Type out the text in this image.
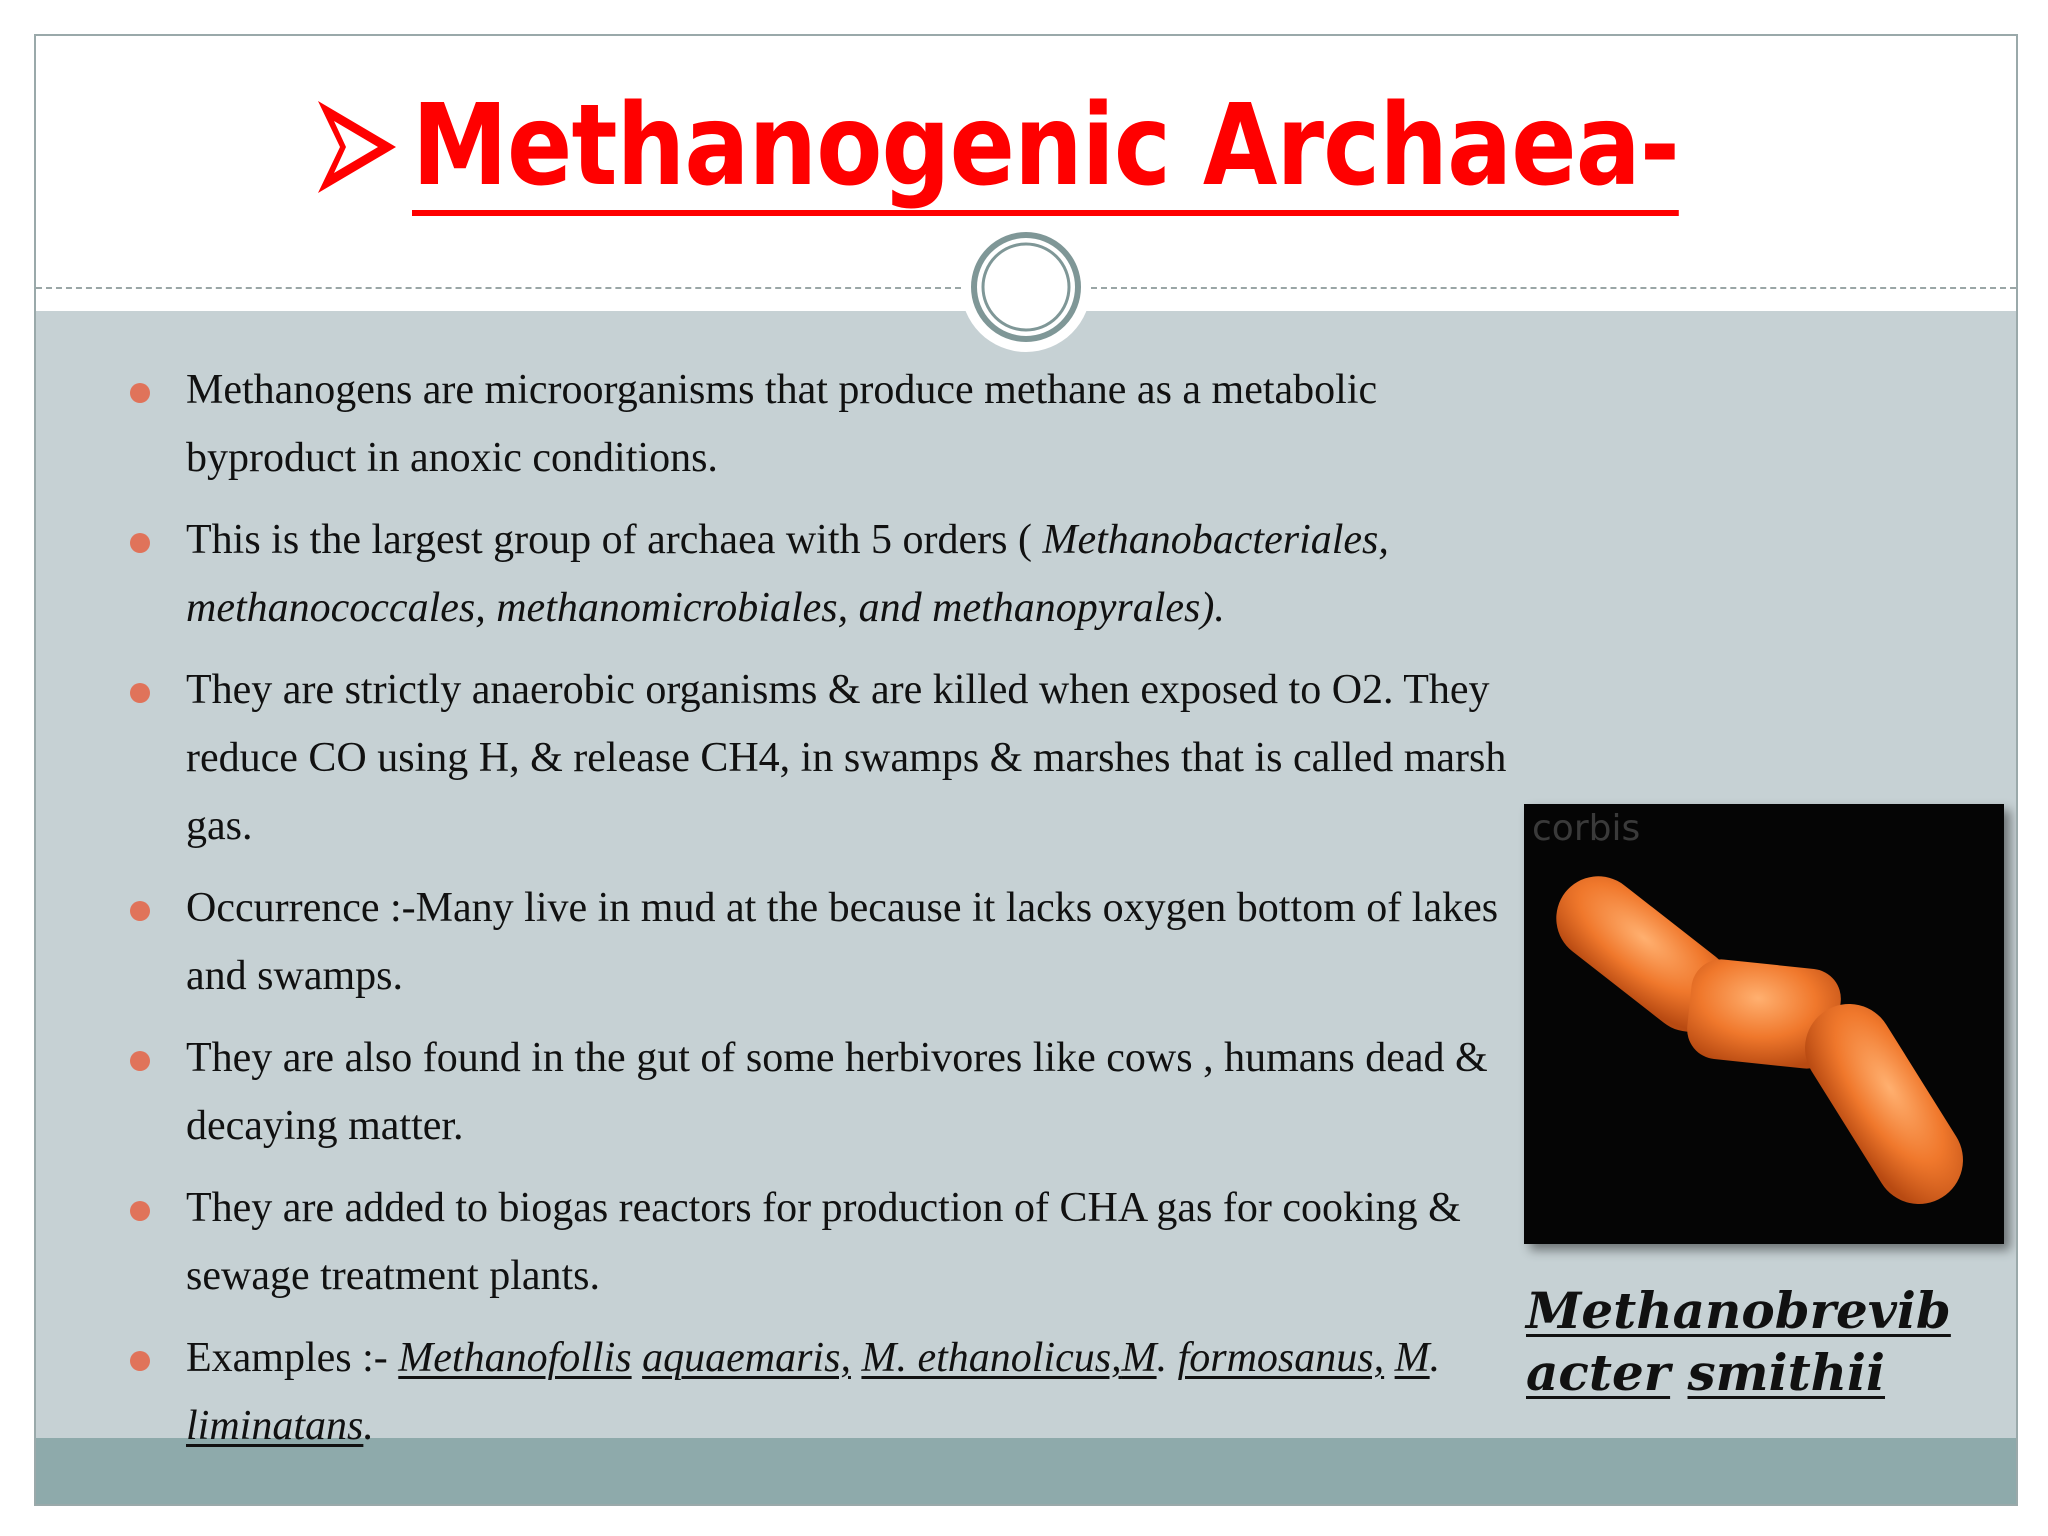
Methanogenic Archaea-
Methanogens are microorganisms that produce methane as a metabolic byproduct in anoxic conditions.
This is the largest group of archaea with 5 orders ( Methanobacteriales, methanococcales, methanomicrobiales, and methanopyrales).
They are strictly anaerobic organisms & are killed when exposed to O2. They reduce CO using H, & release CH4, in swamps & marshes that is called marsh gas.
Occurrence :-Many live in mud at the because it lacks oxygen bottom of lakes and swamps.
They are also found in the gut of some herbivores like cows , humans dead & decaying matter.
They are added to biogas reactors for production of CHA gas for cooking & sewage treatment plants.
Examples :- Methanofollis aquaemaris, M. ethanolicus,M. formosanus, M. liminatans.
corbis
Methanobrevib
acter smithii
